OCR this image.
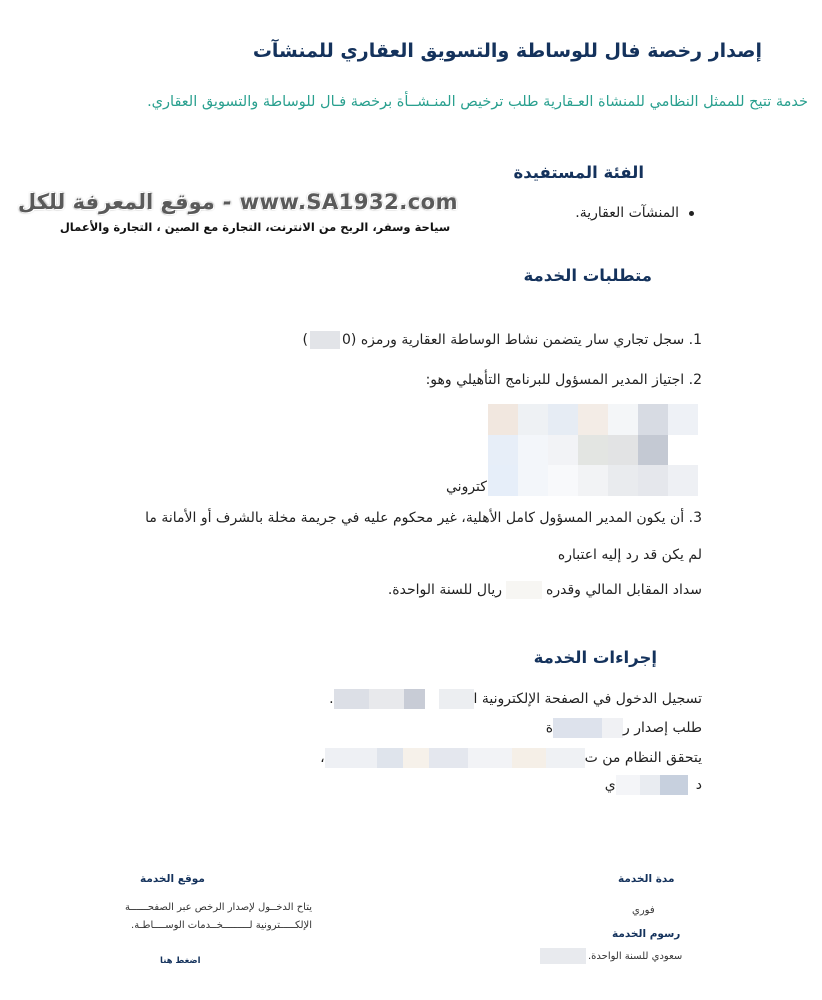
إصدار رخصة فال للوساطة والتسويق العقاري للمنشآت
خدمة تتيح للممثل النظامي للمنشاة العـقارية طلب ترخيص المنـشــأة برخصة فـال للوساطة والتسويق العقاري.
www.SA1932.com - موقع المعرفة للكل
سياحة وسفر، الربح من الانترنت، التجارة مع الصين ، التجارة والأعمال
الفئة المستفيدة
المنشآت العقارية.
متطلبات الخدمة
1. سجل تجاري سار يتضمن نشاط الوساطة العقارية ورمزه (0)
2. اجتياز المدير المسؤول للبرنامج التأهيلي وهو:
كتروني
3. أن يكون المدير المسؤول كامل الأهلية، غير محكوم عليه في جريمة مخلة بالشرف أو الأمانة ما
لم يكن قد رد إليه اعتباره
سداد المقابل المالي وقدرهريال للسنة الواحدة.
إجراءات الخدمة
تسجيل الدخول في الصفحة الإلكترونية ا.
طلب إصدار رة
يتحقق النظام من ت،
دي
موقع الخدمة
يتاح الدخــول لإصدار الرخص عبر الصفحــــــة
الإلكـــــترونية لـــــــــخــدمات الوســــاطـة.
اضغط هنا
مدة الخدمة
فوري
رسوم الخدمة
سعودي للسنة الواحدة.
